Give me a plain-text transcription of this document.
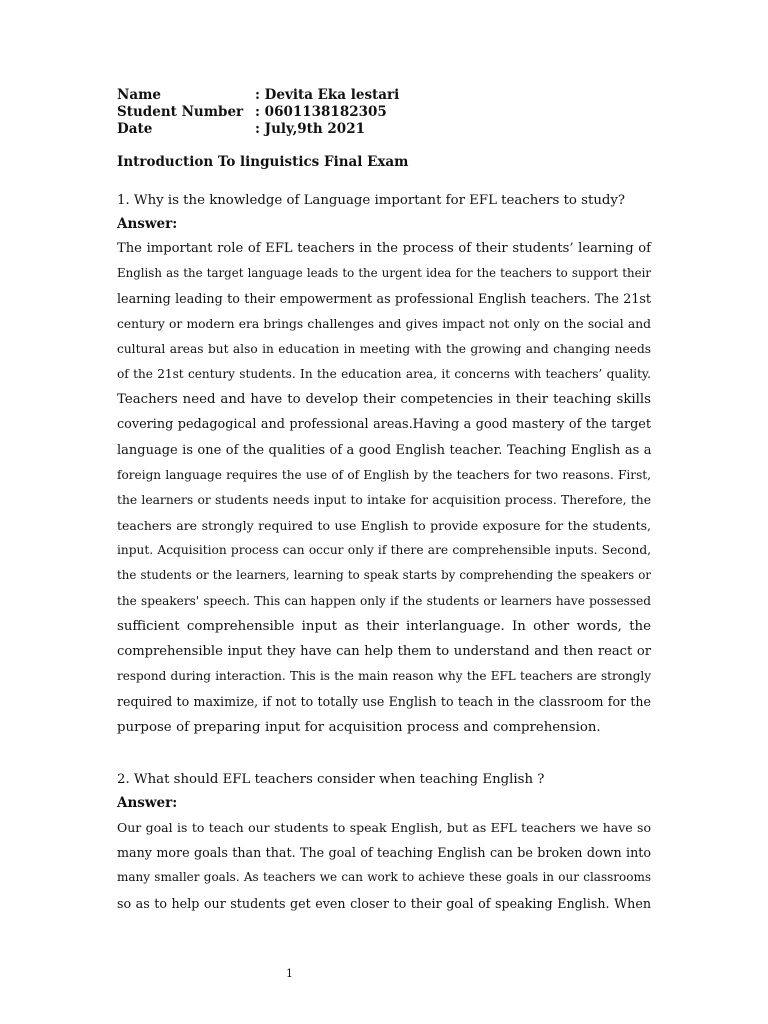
Name	: Devita Eka lestari
Student Number : 0601138182305
Date	: July,9th 2021
Introduction To linguistics Final Exam
1. Why is the knowledge of Language important for EFL teachers to study?
Answer:
The important role of EFL teachers in the process of their students’ learning of
English as the target language leads to the urgent idea for the teachers to support their
learning leading to their empowerment as professional English teachers. The 21st
century or modern era brings challenges and gives impact not only on the social and
cultural areas but also in education in meeting with the growing and changing needs
of the 21st century students. In the education area, it concerns with teachers’ quality.
Teachers need and have to develop their competencies in their teaching skills
covering pedagogical and professional areas.Having a good mastery of the target
language is one of the qualities of a good English teacher. Teaching English as a
foreign language requires the use of of English by the teachers for two reasons. First,
the learners or students needs input to intake for acquisition process. Therefore, the
teachers are strongly required to use English to provide exposure for the students,
input. Acquisition process can occur only if there are comprehensible inputs. Second,
the students or the learners, learning to speak starts by comprehending the speakers or
the speakers' speech. This can happen only if the students or learners have possessed
sufficient comprehensible input as their interlanguage. In other words, the
comprehensible input they have can help them to understand and then react or
respond during interaction. This is the main reason why the EFL teachers are strongly
required to maximize, if not to totally use English to teach in the classroom for the
purpose of preparing input for acquisition process and comprehension.
2. What should EFL teachers consider when teaching English ?
Answer:
Our goal is to teach our students to speak English, but as EFL teachers we have so
many more goals than that. The goal of teaching English can be broken down into
many smaller goals. As teachers we can work to achieve these goals in our classrooms
so as to help our students get even closer to their goal of speaking English. When
1
